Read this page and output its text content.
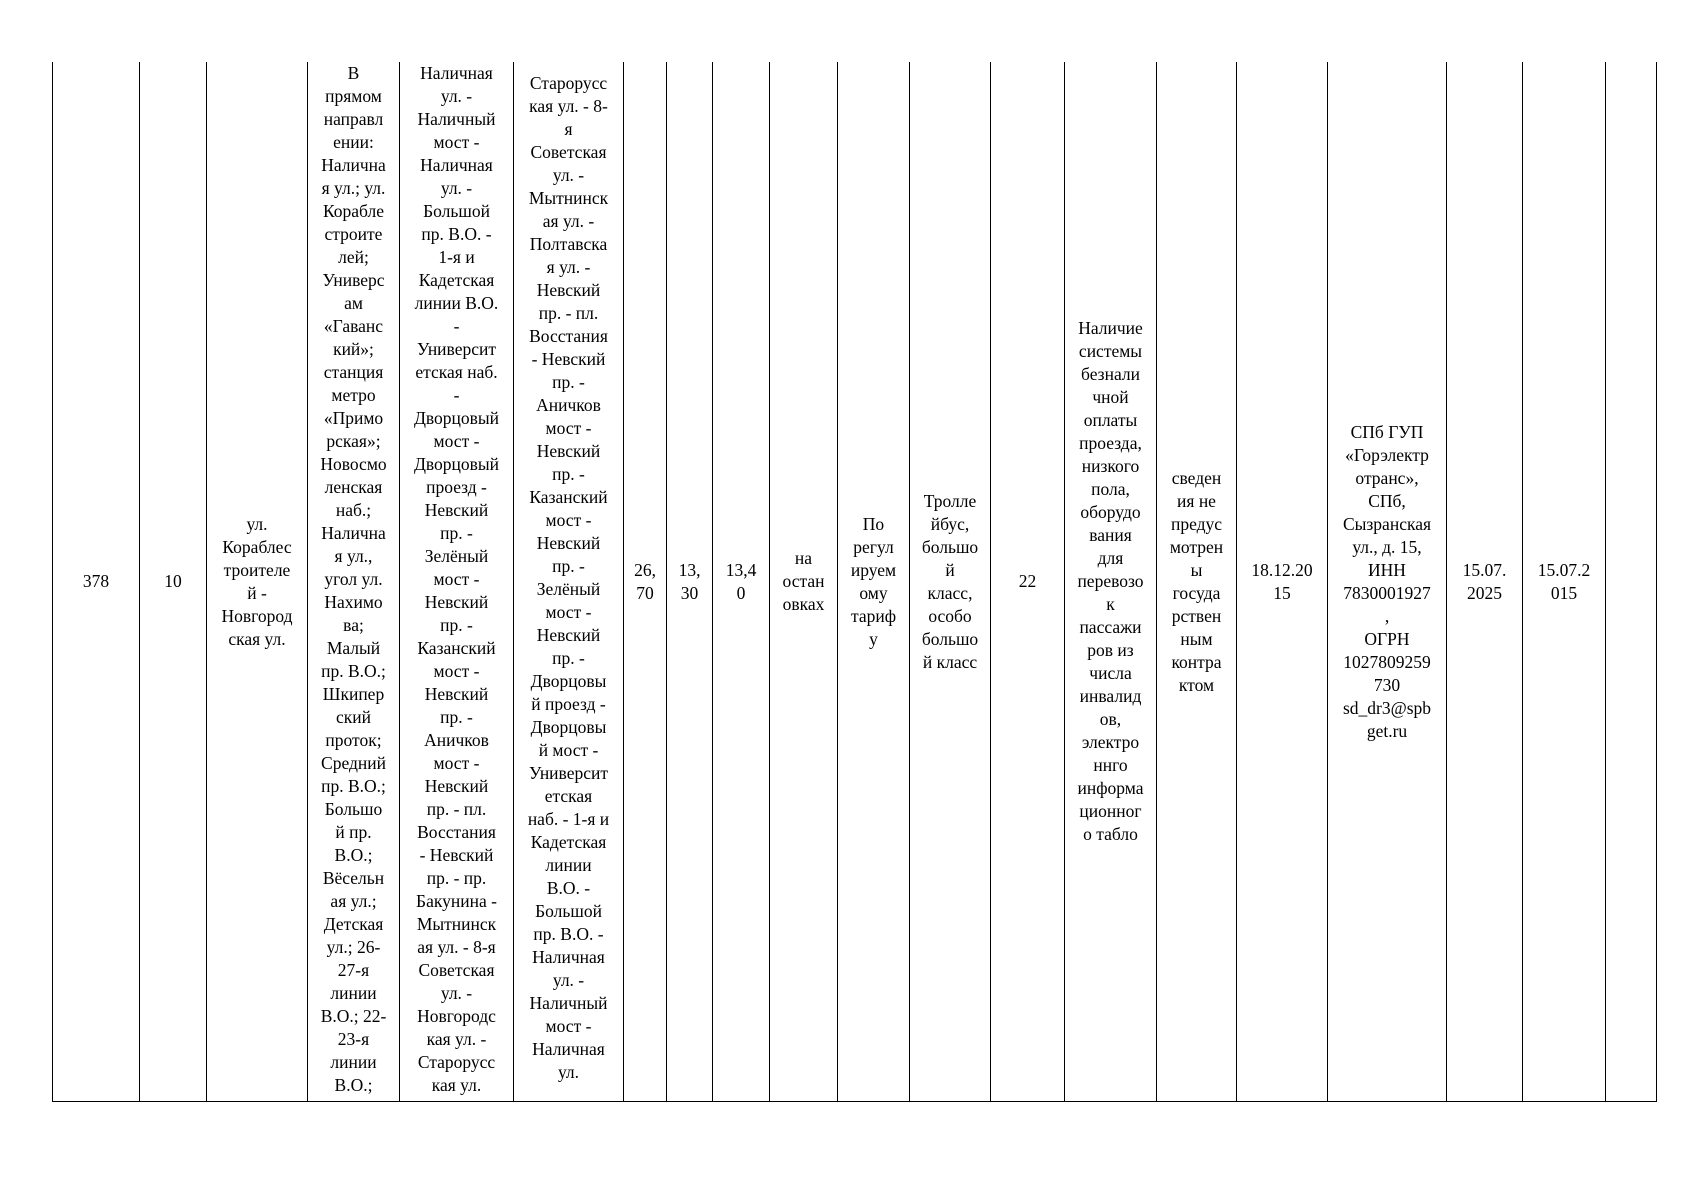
378	10	ул.
Кораблес
троителе
й -
Новгород
ская ул.	В
прямом
направл
ении:
Налична
я ул.; ул.
Корабле
строите
лей;
Универс
ам
«Гаванс
кий»;
станция
метро
«Примо
рская»;
Новосмо
ленская
наб.;
Налична
я ул.,
угол ул.
Нахимо
ва;
Малый
пр. В.О.;
Шкипер
ский
проток;
Средний
пр. В.О.;
Большо
й пр.
В.О.;
Вёсельн
ая ул.;
Детская
ул.; 26-
27-я
линии
В.О.; 22-
23-я
линии
В.О.;	Наличная
ул. -
Наличный
мост -
Наличная
ул. -
Большой
пр. В.О. -
1-я и
Кадетская
линии В.О.
-
Университ
етская наб.
-
Дворцовый
мост -
Дворцовый
проезд -
Невский
пр. -
Зелёный
мост -
Невский
пр. -
Казанский
мост -
Невский
пр. -
Аничков
мост -
Невский
пр. - пл.
Восстания
- Невский
пр. - пр.
Бакунина -
Мытнинск
ая ул. - 8-я
Советская
ул. -
Новгородс
кая ул. -
Старорусс
кая ул.	Старорусс
кая ул. - 8-
я
Советская
ул. -
Мытнинск
ая ул. -
Полтавска
я ул. -
Невский
пр. - пл.
Восстания
- Невский
пр. -
Аничков
мост -
Невский
пр. -
Казанский
мост -
Невский
пр. -
Зелёный
мост -
Невский
пр. -
Дворцовы
й проезд -
Дворцовы
й мост -
Университ
етская
наб. - 1-я и
Кадетская
линии
В.О. -
Большой
пр. В.О. -
Наличная
ул. -
Наличный
мост -
Наличная
ул.	26,
70	13,
30	13,4
0	на
остан
овках	По
регул
ируем
ому
тариф
у	Тролле
йбус,
большо
й
класс,
особо
большо
й класс	22	Наличие
системы
безнали
чной
оплаты
проезда,
низкого
пола,
оборудо
вания
для
перевозо
к
пассажи
ров из
числа
инвалид
ов,
электро
ннго
информа
ционног
о табло	сведен
ия не
предус
мотрен
ы
госуда
рствен
ным
контра
ктом	18.12.20
15	СПб ГУП
«Горэлектр
отранс»,
СПб,
Сызранская
ул., д. 15,
ИНН
7830001927
,
ОГРН
1027809259
730
sd_dr3@spb
get.ru	15.07.
2025	15.07.2
015	
